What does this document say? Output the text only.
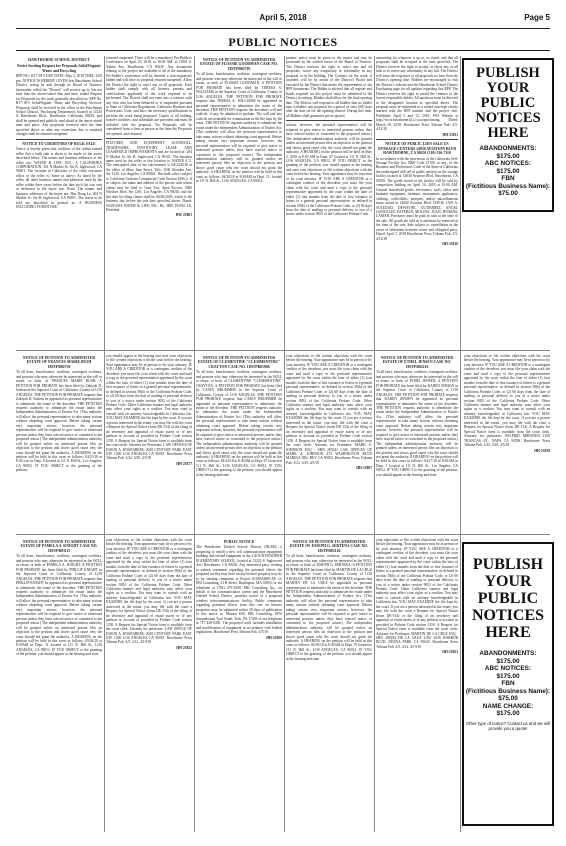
April 5, 2018	Page 5
PUBLIC NOTICES
HAWTHORNE SCHOOL DISTRICT
Notice Inviting Request for Proposals Solid/Organic Waste and Recycling

RFP NO.: R17-18-5 DUE DATE: May 3, 2018 TIME: 2:00 pm. NOTICE IS HEREBY GIVEN that Hawthorne School District, acting by and through its Board of Trustees, hereinafter called the "District" will receive up to, but not later than the above-stated date and time, sealed Request for Proposals for the work generally described as: RFP No. R17-18-5 Solid/Organic Waste and Recycling Services. Proposals shall be received in the office of the Hawthorne School District, Purchasing Department, located at 14120 S. Hawthorne Blvd., Hawthorne, California 90250, and shall be opened and publicly read aloud at the above stated time and place. Any proposals received after the time specified above or after any extensions due to material changes shall be returned unopened.

NOTICE TO CREDITORS OF BULK SALE

Notice is hereby given that creditors of the within named seller that a bulk sale is about to be made of the assets described below. The names and business addresses of the seller are: WATER & LIFE, INC., A CALIFORNIA CORPORATION, 301 N Market St, Ste B, Inglewood, CA 90301. The location in California of the chief executive office of the seller is: Same as above. As listed by the seller, all other business names and addresses used by the seller within three years before the date such list was sent or delivered to the buyer are: None. The names and business addresses of the buyer are: Hee Dong Le, 204 N Market St, Ste B, Inglewood, CA 90301. The assets to be sold are described in general as: A BUSINESS INCLUDING FURNITURE,

returned unopened. There will be a mandatory Pre-Bidder's Conference on April 20, 2018, at 10:00 AM, at 13901 S. Yukon Ave, Hawthorne, CA 90250. Any documents relating to the project are available to all at the mandatory Pre-bidder's conference will be deemed a non-responsive bidder and will have its proposal returned unopened. Allow the District the right to reject any or all proposals. Each bidder shall comply with all licenses, permits and certifications applicable to the work required to be performed. The District shall not enter into a contract with any firm who has been debarred or is suspended pursuant to State of California Regulations, California Business and Professions Code, and have the necessary qualifications to perform the work being proposed. Copies of all bidding, transfer facilities, and submittals are provided and must be included with the proposal. No Proposals will be considered from a firm or person at the time the Proposals are opened, and returned.

FIXTURES AND EQUIPMENT, GOODWILL, TRADENAME, INVENTORY, LEASE AND LEASEHOLD IMPROVEMENTS and are located at: 204 N Market St, Ste B, Inglewood, CA 90301. The business name used by the seller at that location is: WATER 4 U. The anticipated date of the sale/transfer is 04/23/2018 at the office of Mary Jane Street, Title, 1100 Glendon Ave, Ste 1230, Los Angeles, CA 90024. This bulk sale is subject to California Uniform Commercial Code Section 6106.2. If so subject, the name and address of the person with whom claims may be filed is: Gary Yoo, Apex Escrow, 3600 Wilshire Blvd. Ste 1201, Los Angeles, CA 90010, and the last date for filing claims shall be 04/20/2018, which is the business day before the sale date specified above. Dated: 03/29/2018 WATER & LIFE, INC. By: HEE DONG LE, President

HW-23801

NOTICE OF PETITION TO ADMINISTER ESTATE OF FLOSSIE GOODMAN CASE NO. 18STPB02785

To all heirs, beneficiaries, creditors, contingent creditors, and persons who may otherwise be interested in the will or estate, or both of FLOSSIE GOODMAN. A PETITION FOR PROBATE has been filed by TERESA A. WILLIAMS in the Superior Court of California, County of LOS ANGELES. THE PETITION FOR PROBATE requests that TERESA A. WILLIAMS be appointed as personal representative to administer the estate of the decedent. THE PETITION requests the decedent's will and codicils, if any, be admitted to probate. The will and any codicils are available for examination in the file kept by the court. THE PETITION requests authority to administer the estate under the Independent Administration of Estates Act. (This authority will allow the personal representative to take many actions without obtaining court approval. Before taking certain very important actions, however, the personal representative will be required to give notice to interested persons unless they have waived notice or consented to the proposed action.) The independent administration authority will be granted unless an interested person files an objection to the petition and shows good cause why the court should not grant the authority. A HEARING on the petition will be held in this court as follows: 04/30/18 at 8:30AM in Dept. 11, located at 111 N. Hill St., LOS ANGELES, CA 90012.

grantor, notice must be given to the trustee and may be prevented by the written notice of the Board of Trustees. The District reserves the right to reject any and all proposals, waive any irregularity or informality in any proposal or in the bidding. The Contract for the work, if awarded, will be by action of the District's Board and executed by the District that meets the requirements of the RFP documents. The Bidder is advised that all register and bonds required for this project must be submitted to the District in writing. Bidders shall allow for the final opening date. The District will respond to all bidders that no bidder may withdraw any proposal for a period of sixty (60) days after the date set for the opening thereof. During this time, all Bidders shall guarantee prices quoted.

actions, however, the personal representative will be required to give notice to interested persons unless they have waived notice or consented to the proposed action.) The independent administration authority will be granted unless an interested person files an objection to the petition and shows good cause why the court should not grant the authority. A HEARING on the petition will be held on May 2, 2018 at 8:30 AM in Dept. 67 located at 111 N. Hill St., LOS ANGELES, CA 90012. IF YOU OBJECT to the granting of the petition, you should appear at the hearing and state your objections or file written objections with the court before the hearing. Your appearance may be in person or by your attorney. IF YOU ARE A CREDITOR or a contingent creditor of the decedent, you must file your claim with the court and mail a copy to the personal representative appointed by the court within the later of either (1) four months from the date of first issuance of letters to a general personal representative, as defined in section 58(b) of the California Probate Code, or (2) 60 days from the date of mailing or personal delivery to you of a notice under section 9052 of the California Probate Code.

amounting for whatever is up to, as stated, and that all proposals shall be accepted at the time specified. The District reserves the right to accept, or reject any or all bids or to waive any informality in any bid. The District will issue the responses to all proposals no later than the District's opening date. Bidders are encouraged to visit the District's website and the Hawthorne School District Purchasing page for all updates regarding this RFP. The District reserves the right to award the contract to the lowest responsible bidder. All questions must be directed to the designated location as specified above. The proposal must be submitted in a sealed envelope clearly marked with the RFP number and the project title. Published: April 5 and 12, 2018. FSO Website at http://www.hawthorne.k12.ca.us/purchasing. Dated: March 29, 2018. Hawthorne Press Tribune Pub. 4/5, 4/12/18

HH-23811

NOTICE OF PUBLIC LIEN SALE US STORAGE CENTERS 14830 AVIATION BLVD HAWTHORNE, CA 90250 (310) 536-7110

In accordance with the provisions of the California Self-Storage Facility Act, B&P Code 21700, et seq., of the Business and Professions Code of the State of California the undersigned will sell at public auction on the storage facility located at 14830 Aviation Blvd, Hawthorne, CA 90250. The goods stored at the facility will be sold by competitive bidding on April 19, 2018 at 10:00 AM. General household goods, electronics, tools, office and business equipment, furniture, instruments, appliances, clothing, collectibles, antiques, and/or miscellaneous items stored at 14830 Aviation Blvd: DAVIS, JAYLA, SOLEDAD, DEWAYNE, GUTIERREZ, ANGEL GONZALEZ, ESTEBAN, MOLINA, JUAN, JENKINS, LAMAR. Purchases must be paid in cash at the time of the sale. All goods are sold as is and must be removed at the time of the sale. Sale subject to cancellation in the event of settlement between owner and obligated party. Dated: April 5, 2018 Hawthorne Press Tribune Pub. 4/5, 4/12/18

HH-23816

PUBLISH YOUR PUBLIC NOTICES HERE
ABANDONMENTS:
$175.00
ABC NOTICES:
$175.00
FBN
(Fictitious Business Name):
$75.00
NOTICE OF PETITION TO ADMINISTER ESTATE OF FRANCES MARIE BUSH 18STPB02756

To all heirs, beneficiaries, creditors, contingent creditors, and persons who may otherwise be interested in the will or estate, or both, of FRANCES MARIE BUSH. A PETITION FOR PROBATE has been filed by Zakiyah D. Saleem in the Superior Court of California, County of LOS ANGELES. THE PETITION FOR PROBATE requests that Zakiyah D. Saleem be appointed as personal representative to administer the estate of the decedent. THE PETITION requests authority to administer the estate under the Independent Administration of Estates Act. (This authority will allow the personal representative to take many actions without obtaining court approval. Before taking certain very important actions, however, the personal representative will be required to give notice to interested persons unless they have waived notice or consented to the proposed action.) The independent administration authority will be granted unless an interested person files an objection to the petition and shows good cause why the court should not grant the authority. A HEARING on the petition will be held in this court as follows: 04/25/18 at 8:30 a.m. in Dept. 9 located at 111 N. Hill St., Los Angeles, CA 90012. IF YOU OBJECT to the granting of the petition,

you should appear at the hearing and state your objections or file written objections with the court before the hearing. Your appearance may be in person or by your attorney. IF YOU ARE A CREDITOR or a contingent creditor of the decedent, you must file your claim with the court and mail a copy to the personal representative appointed by the court within the later of either (1) four months from the date of first issuance of letters to a general personal representative, as defined in section 58(b) of the California Probate Code, or (2) 60 days from the date of mailing or personal delivery to you of a notice under section 9052 of the California Probate Code. Other California statutes and legal authority may affect your rights as a creditor. You may want to consult with an attorney knowledgeable in California law. YOU MAY EXAMINE the file kept by the court. If you are a person interested in the estate, you may file with the court a Request for Special Notice (form DE-154) of the filing of an inventory and appraisal of estate assets or of any petition or account as provided in Probate Code section 1250. A Request for Special Notice form is available from the court clerk. Attorney for Petitioner: LAW OFFICES OF DAVID A. ROSENBERG 2049 CENTURY PARK EAST STE 1200 LOS ANGELES CA 90067. Hawthorne Press Tribune Pub. 3/22, 3/29, 4/5/18

HH-23677

NOTICE OF PETITION TO ADMINISTER ESTATE OF CLEMENTINE "CLEMMENTINE" CRAYTON CASE NO. 18STPB01906

To all heirs, beneficiaries, creditors, contingent creditors, and persons who may otherwise be interested in the WILL or estate, or both, of CLEMENTINE "CLEMMENTINE" CRAYTON. A PETITION FOR PROBATE has been filed by CASEY BRUMMER in the Superior Court of California, County of LOS ANGELES. THE PETITION FOR PROBATE requests that CASEY BRUMMER be appointed as personal representative to administer the estate of the decedent. THE PETITION requests authority to administer the estate under the Independent Administration of Estates Act. (This authority will allow the personal representative to take many actions without obtaining court approval. Before taking certain very important actions, however, the personal representative will be required to give notice to interested persons unless they have waived notice or consented to the proposed action.) The independent administration authority will be granted unless an interested person files an objection to the petition and shows good cause why the court should not grant the authority. A HEARING on the petition will be held in this court as follows: 04/24/18 at 8:30AM in Dept. 67 located at 111 N. Hill St., LOS ANGELES, CA 90012. IF YOU OBJECT to the granting of the petition, you should appear at the hearing and state

your objections or file written objections with the court before the hearing. Your appearance may be in person or by your attorney. IF YOU ARE A CREDITOR or a contingent creditor of the decedent, you must file your claim with the court and mail a copy to the personal representative appointed by the court within the later of either (1) four months from the date of first issuance of letters to a general personal representative, as defined in section 58(b) of the California Probate Code, or (2) 60 days from the date of mailing or personal delivery to you of a notice under section 9052 of the California Probate Code. Other California statutes and legal authority may affect your rights as a creditor. You may want to consult with an attorney knowledgeable in California law. YOU MAY EXAMINE the file kept by the court. If you are a person interested in the estate, you may file with the court a Request for Special Notice (form DE-154) of the filing of an inventory and appraisal of estate assets or of any petition or account as provided in Probate Code section 1250. A Request for Special Notice form is available from the court clerk. Attorney for Petitioner: MARK A. JOHNSON ESQ - SBN 285241 LAW OFFICES OF MARK A. JOHNSON 473 WASHINGTON BLVD MARINA DEL REY CA 90292. Hawthorne Press Tribune Pub. 3/22, 3/29, 4/5/18

HH-23807

NOTICE OF PETITION TO ADMINISTER ESTATE OF ETHEL JENSEN CASE NO. 18STPB02216

To all heirs, beneficiaries, creditors, contingent creditors, and persons who may otherwise be interested in the will or estate, or both, of ETHEL JENSEN. A PETITION FOR PROBATE has been filed by KAREN JENSEN in the Superior Court of California, County of LOS ANGELES. THE PETITION FOR PROBATE requests that KAREN JENSEN be appointed as personal representative to administer the estate of the decedent. THE PETITION requests authority to administer the estate under the Independent Administration of Estates Act. (This authority will allow the personal representative to take many actions without obtaining court approval. Before taking certain very important actions, however, the personal representative will be required to give notice to interested persons unless they have waived notice or consented to the proposed action.) The independent administration authority will be granted unless an interested person files an objection to the petition and shows good cause why the court should not grant the authority. A HEARING on the petition will be held in this court as follows: 04/27/18 at 8:30AM in Dept. 5 located at 111 N. Hill St., Los Angeles, CA 90012. IF YOU OBJECT to the granting of the petition, you should appear at the hearing and state

your objections or file written objections with the court before the hearing. Your appearance may be in person or by your attorney. IF YOU ARE A CREDITOR or a contingent creditor of the decedent, you must file your claim with the court and mail a copy to the personal representative appointed by the court within the later of either (1) four months from the date of first issuance of letters to a general personal representative, as defined in section 58(b) of the California Probate Code, or (2) 60 days from the date of mailing or personal delivery to you of a notice under section 9052 of the California Probate Code. Other California statutes and legal authority may affect your rights as a creditor. You may want to consult with an attorney knowledgeable in California law. YOU MAY EXAMINE the file kept by the court. If you are a person interested in the estate, you may file with the court a Request for Special Notice (form DE-154). A Request for Special Notice form is available from the court clerk. Attorney for petitioner: WILFRID MIRANDA 1100 TRANCAS ST., NAPA CA 94558. Hawthorne Press Tribune Pub. 3/22, 3/29, 4/5/18

HH-23818

NOTICE OF PETITION TO ADMINISTER ESTATE OF PAMELA A. KNIGHT CASE NO. 18STPB03115

To all heirs, beneficiaries, creditors, contingent creditors, and persons who may otherwise be interested in the WILL or estate, or both of PAMELA A. KNIGHT. A PETITION FOR PROBATE has been filed by PHILLIP KNIGHT in the Superior Court of California, County of LOS ANGELES. THE PETITION FOR PROBATE requests that PHILLIP KNIGHT be appointed as personal representative to administer the estate of the decedent. THE PETITION requests authority to administer the estate under the Independent Administration of Estates Act. (This authority will allow the personal representative to take many actions without obtaining court approval. Before taking certain very important actions, however, the personal representative will be required to give notice to interested persons unless they have waived notice or consented to the proposed action.) The independent administration authority will be granted unless an interested person files an objection to the petition and shows good cause why the court should not grant the authority. A HEARING on the petition will be held in this court as follows: 05/02/18 at 8:30AM in Dept. 11 located at 111 N. Hill St., LOS ANGELES, CA 90012. IF YOU OBJECT to the granting of the petition, you should appear at the hearing and state

your objections or file written objections with the court before the hearing. Your appearance may be in person or by your attorney. IF YOU ARE A CREDITOR or a contingent creditor of the decedent, you must file your claim with the court and mail a copy to the personal representative appointed by the court within the later of either (1) four months from the date of first issuance of letters to a general personal representative, as defined in section 58(b) of the California Probate Code, or (2) 60 days from the date of mailing or personal delivery to you of a notice under section 9052 of the California Probate Code. Other California statutes and legal authority may affect your rights as a creditor. You may want to consult with an attorney knowledgeable in California law. YOU MAY EXAMINE the file kept by the court. If you are a person interested in the estate, you may file with the court a Request for Special Notice (form DE-154) of the filing of an inventory and appraisal of estate assets or of any petition or account as provided in Probate Code section 1250. A Request for Special Notice form is available from the court clerk. Attorney for petitioner: LAW OFFICE OF DAVID A. ROSENBERG 2049 CENTURY PARK EAST STE 1200 LOS ANGELES CA 90067. Hawthorne Press Tribune Pub. 4/5, 4/12, 4/19/18

HH-23822

PUBLIC NOTICE

The Hawthorne Unified School District (HUSD), a proposing to install a new cell communication equipment building and related equipment at the LAOUNT-BADDER ELEMENTARY SCHOOL, located at 13223 S. Inglewood Ave, Hawthorne, CA 90250. Any interested party wishing to submit comments regarding the potential effects the proposed facility may have on any historic property may do so by sending comments to Project 6118003000-AF c/o EBI Consulting, 21 B Street, Burlington, MA 01803, or via telephone at (781) 273-2500. EBI Consulting Inc., on behalf of the communication carrier and the Hawthorne Unified School District, provides notice of a proposed wireless telecommunications facility. Public comments regarding potential effects from this site on historic properties may be submitted within 30 days of publication of this notice to: Monica Hill, EBI Consulting, 6876 Susquehanna Trail South, York, PA 17403 or via telephone at 717-428-0450. The proposed work includes installation and modification of equipment in accordance with federal regulations. Hawthorne Press Tribune Pub. 4/5/18

HH-23820

NOTICE OF PETITION TO ADMINISTER ESTATE OF JOSEPH G. SEBTENA CASE NO. 18STPB03126

To all heirs, beneficiaries, creditors, contingent creditors, and persons who may otherwise be interested in the WILL or estate, or both, of JOSEPH G. SEBTENA. A PETITION FOR PROBATE has been filed by MARTIN DE LA CRUZ in the Superior Court of California, County of LOS ANGELES. THE PETITION FOR PROBATE requests that MARTIN DE LA CRUZ be appointed as personal representative to administer the estate of the decedent. THE PETITION requests authority to administer the estate under the Independent Administration of Estates Act. (This authority will allow the personal representative to take many actions without obtaining court approval. Before taking certain very important actions, however, the personal representative will be required to give notice to interested persons unless they have waived notice or consented to the proposed action.) The independent administration authority will be granted unless an interested person files an objection to the petition and shows good cause why the court should not grant the authority. A HEARING on the petition will be held in this court as follows: 04/30/18 at 8:30AM in Dept. 79 located at 111 N. Hill St., LOS ANGELES, CA 90012. IF YOU OBJECT to the granting of the petition, you should appear at the hearing and state

your objections or file written objections with the court before the hearing. Your appearance may be in person or by your attorney. IF YOU ARE A CREDITOR or a contingent creditor of the decedent, you must file your claim with the court and mail a copy to the personal representative appointed by the court within the later of either (1) four months from the date of first issuance of letters to a general personal representative, as defined in section 58(b) of the California Probate Code, or (2) 60 days from the date of mailing or personal delivery to you of a notice under section 9052 of the California Probate Code. Other California statutes and legal authority may affect your rights as a creditor. You may want to consult with an attorney knowledgeable in California law. YOU MAY EXAMINE the file kept by the court. If you are a person interested in the estate, you may file with the court a Request for Special Notice (form DE-154) of the filing of an inventory and appraisal of estate assets or of any petition or account as provided in Probate Code section 1250. A Request for Special Notice form is available from the court clerk. Attorney for Petitioner: MARTIN DE LA CRUZ ESQ - SBN 208184 DE LA CRUZ LAW 6318 HARBOR BLVD. BUENA PARK CA 90620. Hawthorne Press Tribune Pub. 4/5, 4/12, 4/19/18

HH-23823

PUBLISH YOUR PUBLIC NOTICES HERE
ABANDONMENTS:
$175.00
ABC NOTICES:
$175.00
FBN
(Fictitious Business Name):
$75.00
NAME CHANGE:
$175.00
Other type of notice? Contact us and we will provide you a quote!
